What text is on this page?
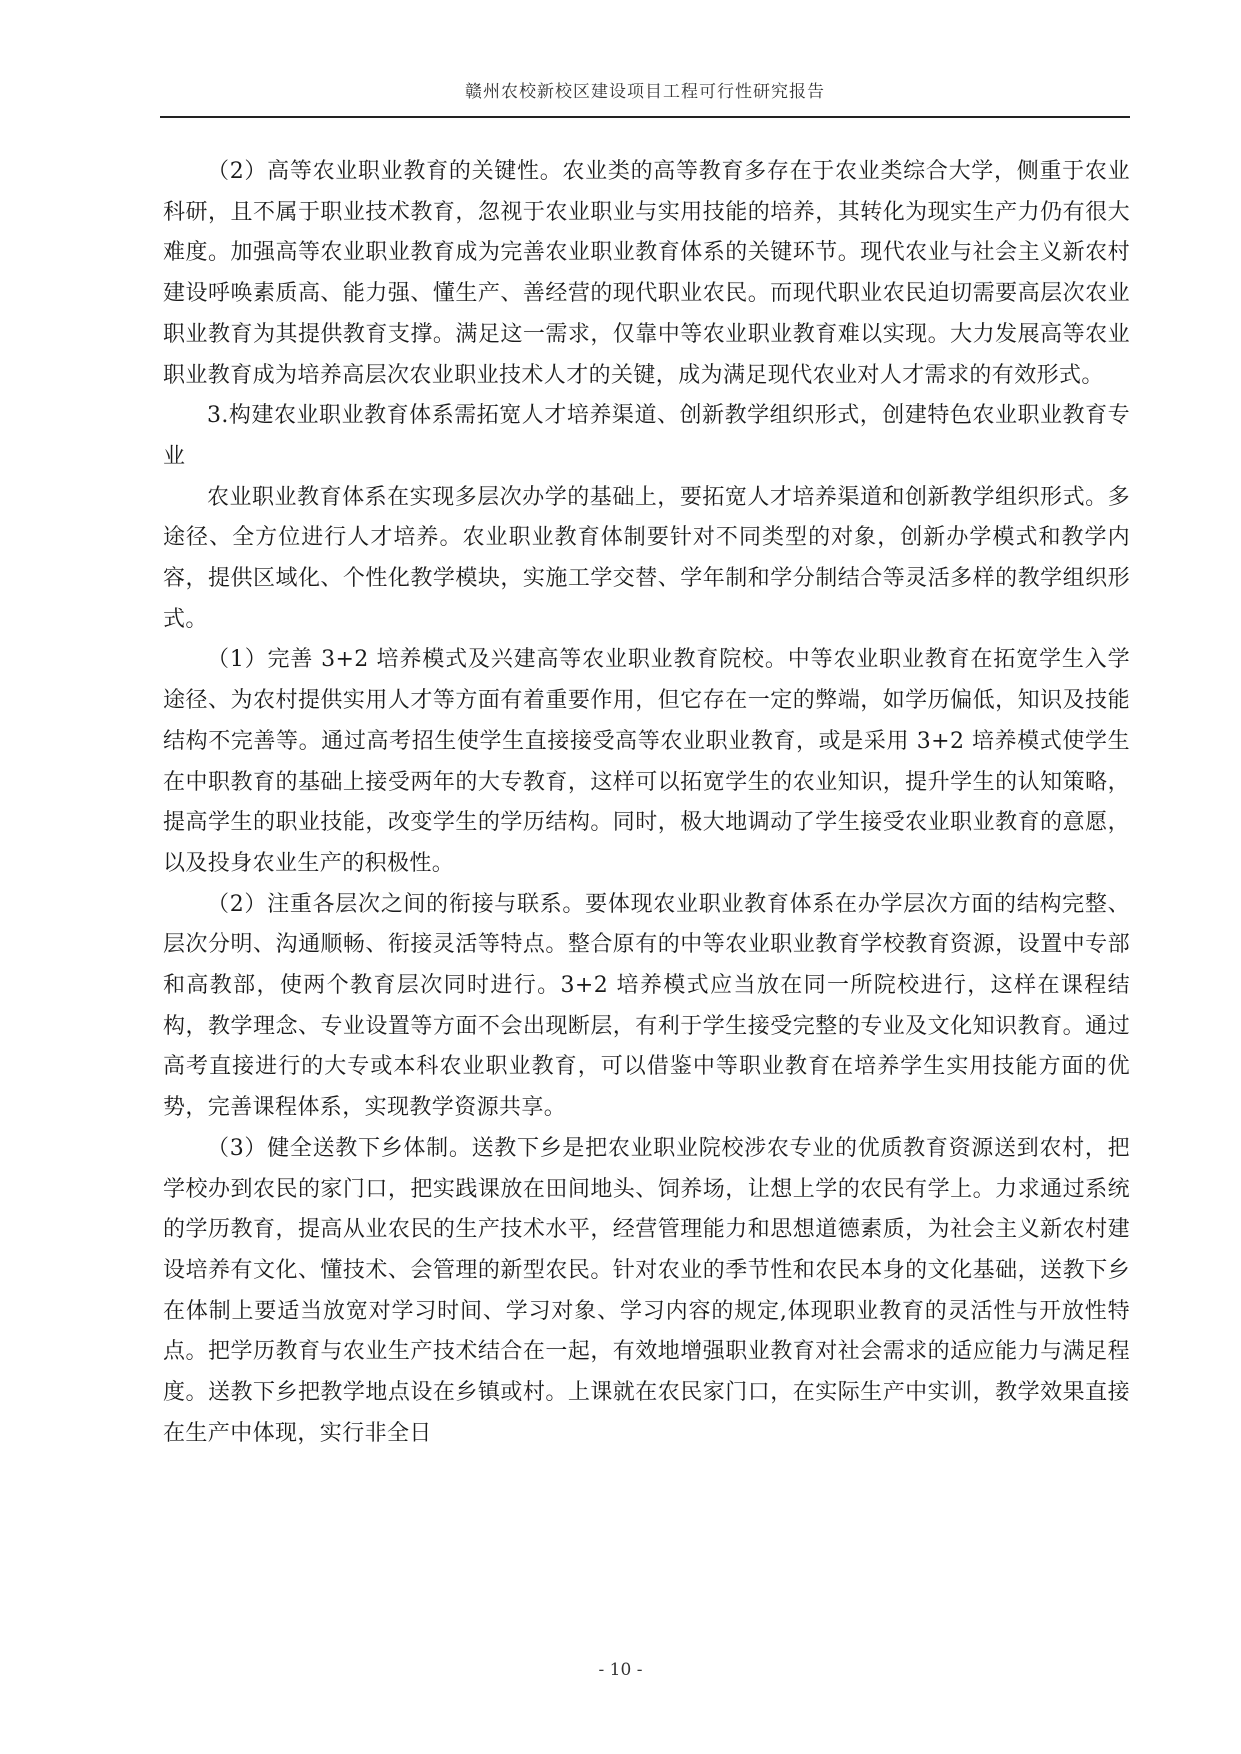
赣州农校新校区建设项目工程可行性研究报告

（2）高等农业职业教育的关键性。农业类的高等教育多存在于农业类综合大学，侧重于农业科研，且不属于职业技术教育，忽视于农业职业与实用技能的培养，其转化为现实生产力仍有很大难度。加强高等农业职业教育成为完善农业职业教育体系的关键环节。现代农业与社会主义新农村建设呼唤素质高、能力强、懂生产、善经营的现代职业农民。而现代职业农民迫切需要高层次农业职业教育为其提供教育支撑。满足这一需求，仅靠中等农业职业教育难以实现。大力发展高等农业职业教育成为培养高层次农业职业技术人才的关键，成为满足现代农业对人才需求的有效形式。

3.构建农业职业教育体系需拓宽人才培养渠道、创新教学组织形式，创建特色农业职业教育专业

农业职业教育体系在实现多层次办学的基础上，要拓宽人才培养渠道和创新教学组织形式。多途径、全方位进行人才培养。农业职业教育体制要针对不同类型的对象，创新办学模式和教学内容，提供区域化、个性化教学模块，实施工学交替、学年制和学分制结合等灵活多样的教学组织形式。

（1）完善 3+2 培养模式及兴建高等农业职业教育院校。中等农业职业教育在拓宽学生入学途径、为农村提供实用人才等方面有着重要作用，但它存在一定的弊端，如学历偏低，知识及技能结构不完善等。通过高考招生使学生直接接受高等农业职业教育，或是采用 3+2 培养模式使学生在中职教育的基础上接受两年的大专教育，这样可以拓宽学生的农业知识，提升学生的认知策略，提高学生的职业技能，改变学生的学历结构。同时，极大地调动了学生接受农业职业教育的意愿，以及投身农业生产的积极性。

（2）注重各层次之间的衔接与联系。要体现农业职业教育体系在办学层次方面的结构完整、层次分明、沟通顺畅、衔接灵活等特点。整合原有的中等农业职业教育学校教育资源，设置中专部和高教部，使两个教育层次同时进行。3+2 培养模式应当放在同一所院校进行，这样在课程结构，教学理念、专业设置等方面不会出现断层，有利于学生接受完整的专业及文化知识教育。通过高考直接进行的大专或本科农业职业教育，可以借鉴中等职业教育在培养学生实用技能方面的优势，完善课程体系，实现教学资源共享。

（3）健全送教下乡体制。送教下乡是把农业职业院校涉农专业的优质教育资源送到农村，把学校办到农民的家门口，把实践课放在田间地头、饲养场，让想上学的农民有学上。力求通过系统的学历教育，提高从业农民的生产技术水平，经营管理能力和思想道德素质，为社会主义新农村建设培养有文化、懂技术、会管理的新型农民。针对农业的季节性和农民本身的文化基础，送教下乡在体制上要适当放宽对学习时间、学习对象、学习内容的规定,体现职业教育的灵活性与开放性特点。把学历教育与农业生产技术结合在一起，有效地增强职业教育对社会需求的适应能力与满足程度。送教下乡把教学地点设在乡镇或村。上课就在农民家门口，在实际生产中实训，教学效果直接在生产中体现，实行非全日

- 10 -
